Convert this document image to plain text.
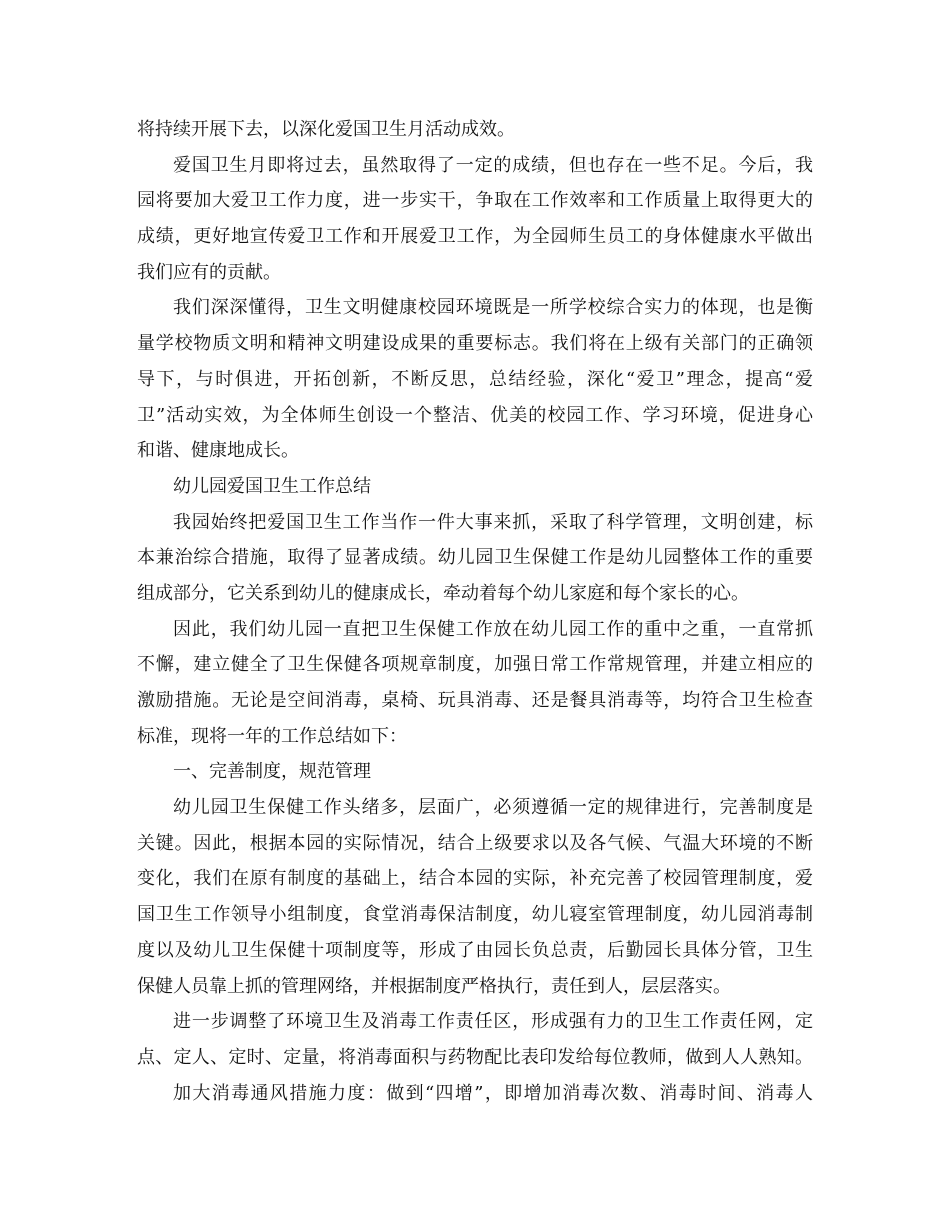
将持续开展下去，以深化爱国卫生月活动成效。
爱国卫生月即将过去，虽然取得了一定的成绩，但也存在一些不足。今后，我
园将要加大爱卫工作力度，进一步实干，争取在工作效率和工作质量上取得更大的
成绩，更好地宣传爱卫工作和开展爱卫工作，为全园师生员工的身体健康水平做出
我们应有的贡献。
我们深深懂得，卫生文明健康校园环境既是一所学校综合实力的体现，也是衡
量学校物质文明和精神文明建设成果的重要标志。我们将在上级有关部门的正确领
导下，与时俱进，开拓创新，不断反思，总结经验，深化“爱卫”理念，提高“爱
卫”活动实效，为全体师生创设一个整洁、优美的校园工作、学习环境，促进身心
和谐、健康地成长。
幼儿园爱国卫生工作总结
我园始终把爱国卫生工作当作一件大事来抓，采取了科学管理，文明创建，标
本兼治综合措施，取得了显著成绩。幼儿园卫生保健工作是幼儿园整体工作的重要
组成部分，它关系到幼儿的健康成长，牵动着每个幼儿家庭和每个家长的心。
因此，我们幼儿园一直把卫生保健工作放在幼儿园工作的重中之重，一直常抓
不懈，建立健全了卫生保健各项规章制度，加强日常工作常规管理，并建立相应的
激励措施。无论是空间消毒，桌椅、玩具消毒、还是餐具消毒等，均符合卫生检查
标准，现将一年的工作总结如下：
一、完善制度，规范管理
幼儿园卫生保健工作头绪多，层面广，必须遵循一定的规律进行，完善制度是
关键。因此，根据本园的实际情况，结合上级要求以及各气候、气温大环境的不断
变化，我们在原有制度的基础上，结合本园的实际，补充完善了校园管理制度，爱
国卫生工作领导小组制度，食堂消毒保洁制度，幼儿寝室管理制度，幼儿园消毒制
度以及幼儿卫生保健十项制度等，形成了由园长负总责，后勤园长具体分管，卫生
保健人员靠上抓的管理网络，并根据制度严格执行，责任到人，层层落实。
进一步调整了环境卫生及消毒工作责任区，形成强有力的卫生工作责任网，定
点、定人、定时、定量，将消毒面积与药物配比表印发给每位教师，做到人人熟知。
加大消毒通风措施力度：做到“四增”，即增加消毒次数、消毒时间、消毒人
